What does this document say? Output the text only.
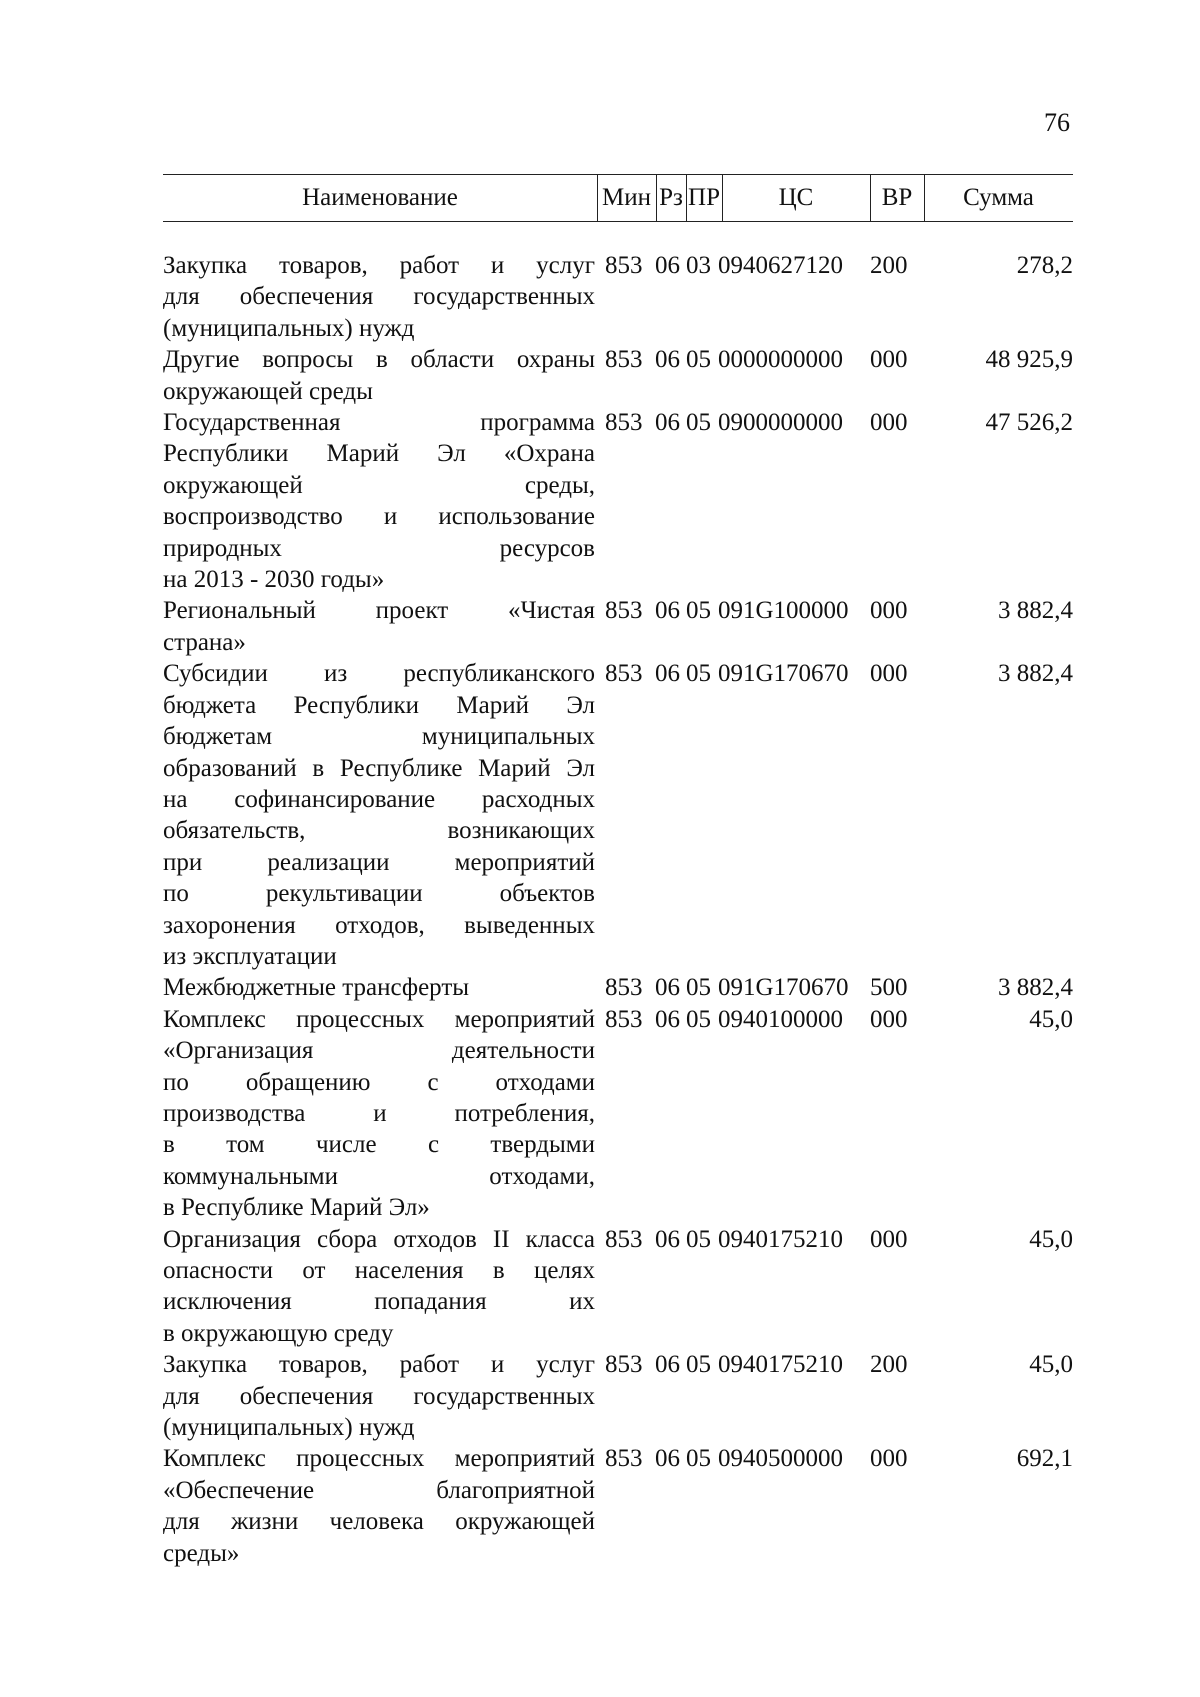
76
Наименование	Мин Рз ПР	ЦС	ВР	Сумма
Закупка товаров, работ и услуг
для обеспечения государственных
(муниципальных) нужд
853 06 03 0940627120 200	278,2
Другие вопросы в области охраны
окружающей среды
853 06 05 0000000000 000	48 925,9
Государственная программа
Республики Марий Эл «Охрана
окружающей среды,
воспроизводство и использование
природных ресурсов
на 2013 - 2030 годы»
853 06 05 0900000000 000	47 526,2
Региональный проект «Чистая
страна»
853 06 05 091G100000 000	3 882,4
Субсидии из республиканского
бюджета Республики Марий Эл
бюджетам муниципальных
образований в Республике Марий Эл
на софинансирование расходных
обязательств, возникающих
при реализации мероприятий
по рекультивации объектов
захоронения отходов, выведенных
из эксплуатации
853 06 05 091G170670 000	3 882,4
Межбюджетные трансферты	853 06 05 091G170670 500	3 882,4
Комплекс процессных мероприятий
«Организация деятельности
по обращению с отходами
производства и потребления,
в том числе с твердыми
коммунальными отходами,
в Республике Марий Эл»
853 06 05 0940100000 000	45,0
Организация сбора отходов II класса
опасности от населения в целях
исключения попадания их
в окружающую среду
853 06 05 0940175210 000	45,0
Закупка товаров, работ и услуг
для обеспечения государственных
(муниципальных) нужд
853 06 05 0940175210 200	45,0
Комплекс процессных мероприятий
«Обеспечение благоприятной
для жизни человека окружающей
среды»
853 06 05 0940500000 000	692,1
